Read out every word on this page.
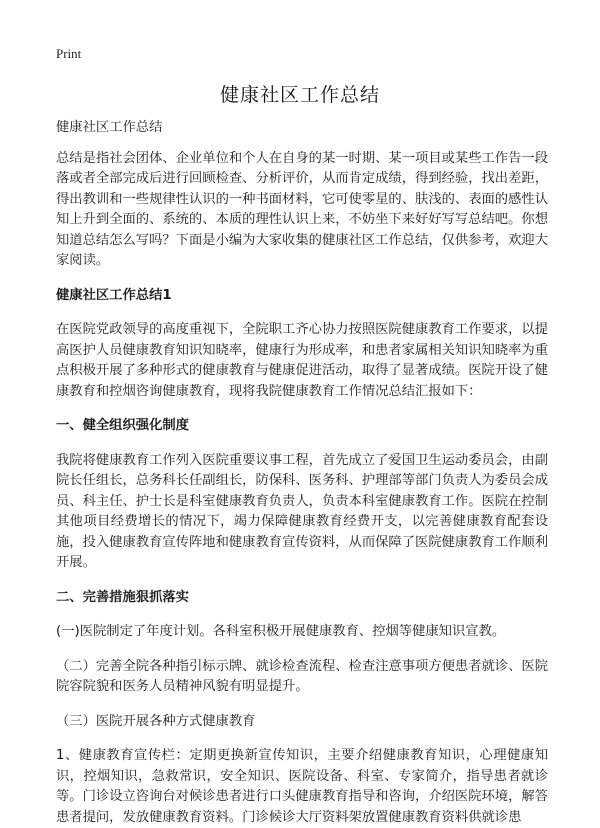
Print
健康社区工作总结

健康社区工作总结

总结是指社会团体、企业单位和个人在自身的某一时期、某一项目或某些工作告一段落或者全部完成后进行回顾检查、分析评价，从而肯定成绩，得到经验，找出差距，得出教训和一些规律性认识的一种书面材料，它可使零星的、肤浅的、表面的感性认知上升到全面的、系统的、本质的理性认识上来，不妨坐下来好好写写总结吧。你想知道总结怎么写吗？下面是小编为大家收集的健康社区工作总结，仅供参考，欢迎大家阅读。

健康社区工作总结1

在医院党政领导的高度重视下，全院职工齐心协力按照医院健康教育工作要求，以提高医护人员健康教育知识知晓率，健康行为形成率，和患者家属相关知识知晓率为重点积极开展了多种形式的健康教育与健康促进活动，取得了显著成绩。医院开设了健康教育和控烟咨询健康教育，现将我院健康教育工作情况总结汇报如下：

一、健全组织强化制度

我院将健康教育工作列入医院重要议事工程，首先成立了爱国卫生运动委员会，由副院长任组长，总务科长任副组长，防保科、医务科、护理部等部门负责人为委员会成员、科主任、护士长是科室健康教育负责人，负责本科室健康教育工作。医院在控制其他项目经费增长的情况下，竭力保障健康教育经费开支，以完善健康教育配套设施，投入健康教育宣传阵地和健康教育宣传资料，从而保障了医院健康教育工作顺利开展。

二、完善措施狠抓落实

(一)医院制定了年度计划。各科室积极开展健康教育、控烟等健康知识宣教。

（二）完善全院各种指引标示牌、就诊检查流程、检查注意事项方便患者就诊、医院院容院貌和医务人员精神风貌有明显提升。

（三）医院开展各种方式健康教育

1、健康教育宣传栏：定期更换新宣传知识，主要介绍健康教育知识，心理健康知识，控烟知识，急救常识，安全知识、医院设备、科室、专家简介，指导患者就诊等。门诊设立咨询台对候诊患者进行口头健康教育指导和咨询，介绍医院环境，解答患者提问，发放健康教育资料。门诊候诊大厅资料架放置健康教育资料供就诊患
